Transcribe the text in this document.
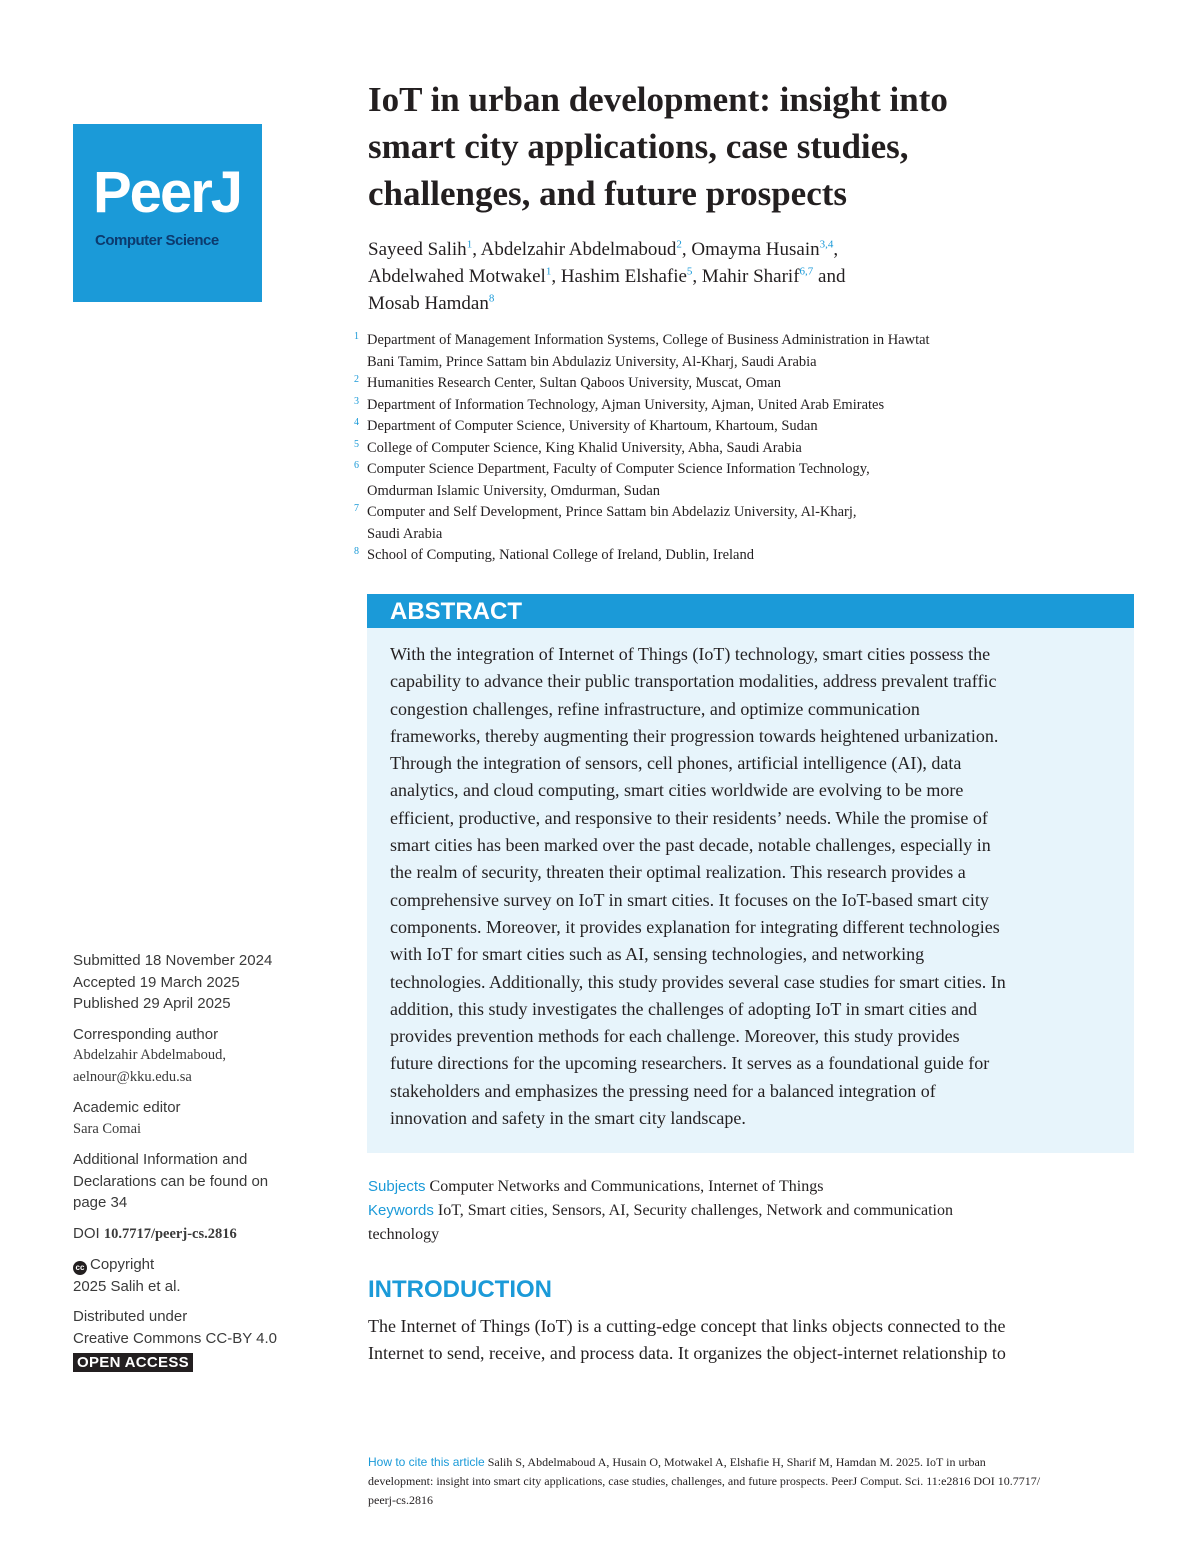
PeerJ
Computer Science
IoT in urban development: insight into
smart city applications, case studies,
challenges, and future prospects
Sayeed Salih$^1$, Abdelzahir Abdelmaboud$^2$, Omayma Husain$^{3,4}$,
Abdelwahed Motwakel$^1$, Hashim Elshafie$^5$, Mahir Sharif$^{6,7}$ and
Mosab Hamdan$^8$
1 Department of Management Information Systems, College of Business Administration in Hawtat
Bani Tamim, Prince Sattam bin Abdulaziz University, Al-Kharj, Saudi Arabia
2 Humanities Research Center, Sultan Qaboos University, Muscat, Oman
3 Department of Information Technology, Ajman University, Ajman, United Arab Emirates
4 Department of Computer Science, University of Khartoum, Khartoum, Sudan
5 College of Computer Science, King Khalid University, Abha, Saudi Arabia
6 Computer Science Department, Faculty of Computer Science Information Technology,
Omdurman Islamic University, Omdurman, Sudan
7 Computer and Self Development, Prince Sattam bin Abdelaziz University, Al-Kharj,
Saudi Arabia
8 School of Computing, National College of Ireland, Dublin, Ireland
ABSTRACT
With the integration of Internet of Things (IoT) technology, smart cities possess the
capability to advance their public transportation modalities, address prevalent traffic
congestion challenges, refine infrastructure, and optimize communication
frameworks, thereby augmenting their progression towards heightened urbanization.
Through the integration of sensors, cell phones, artificial intelligence (AI), data
analytics, and cloud computing, smart cities worldwide are evolving to be more
efficient, productive, and responsive to their residents’ needs. While the promise of
smart cities has been marked over the past decade, notable challenges, especially in
the realm of security, threaten their optimal realization. This research provides a
comprehensive survey on IoT in smart cities. It focuses on the IoT-based smart city
components. Moreover, it provides explanation for integrating different technologies
with IoT for smart cities such as AI, sensing technologies, and networking
technologies. Additionally, this study provides several case studies for smart cities. In
addition, this study investigates the challenges of adopting IoT in smart cities and
provides prevention methods for each challenge. Moreover, this study provides
future directions for the upcoming researchers. It serves as a foundational guide for
stakeholders and emphasizes the pressing need for a balanced integration of
innovation and safety in the smart city landscape.
Subjects Computer Networks and Communications, Internet of Things
Keywords IoT, Smart cities, Sensors, AI, Security challenges, Network and communication
technology
INTRODUCTION
The Internet of Things (IoT) is a cutting-edge concept that links objects connected to the
Internet to send, receive, and process data. It organizes the object-internet relationship to
Submitted 18 November 2024
Accepted 19 March 2025
Published 29 April 2025
Corresponding author
Abdelzahir Abdelmaboud,
aelnour@kku.edu.sa
Academic editor
Sara Comai
Additional Information and
Declarations can be found on
page 34
DOI 10.7717/peerj-cs.2816
cc Copyright
2025 Salih et al.
Distributed under
Creative Commons CC-BY 4.0
OPEN ACCESS
How to cite this article Salih S, Abdelmaboud A, Husain O, Motwakel A, Elshafie H, Sharif M, Hamdan M. 2025. IoT in urban
development: insight into smart city applications, case studies, challenges, and future prospects. PeerJ Comput. Sci. 11:e2816 DOI 10.7717/
peerj-cs.2816
